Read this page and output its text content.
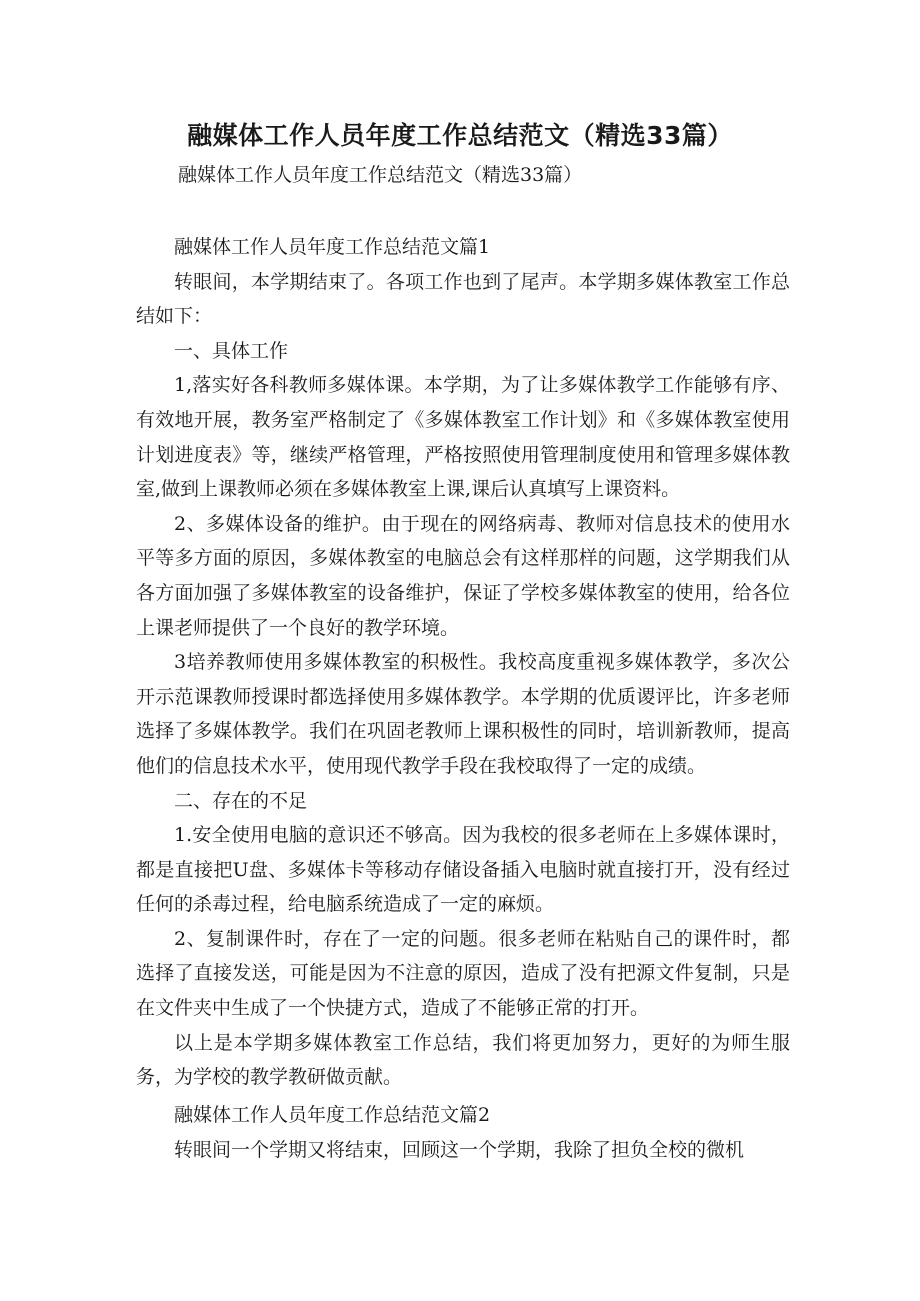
融媒体工作人员年度工作总结范文（精选33篇）

融媒体工作人员年度工作总结范文（精选33篇）

融媒体工作人员年度工作总结范文篇1

转眼间，本学期结束了。各项工作也到了尾声。本学期多媒体教室工作总结如下：

一、具体工作

1,落实好各科教师多媒体课。本学期，为了让多媒体教学工作能够有序、有效地开展，教务室严格制定了《多媒体教室工作计划》和《多媒体教室使用计划进度表》等，继续严格管理，严格按照使用管理制度使用和管理多媒体教室,做到上课教师必须在多媒体教室上课,课后认真填写上课资料。

2、多媒体设备的维护。由于现在的网络病毒、教师对信息技术的使用水平等多方面的原因，多媒体教室的电脑总会有这样那样的问题，这学期我们从各方面加强了多媒体教室的设备维护，保证了学校多媒体教室的使用，给各位上课老师提供了一个良好的教学环境。

3培养教师使用多媒体教室的积极性。我校高度重视多媒体教学，多次公开示范课教师授课时都选择使用多媒体教学。本学期的优质谡评比，许多老师选择了多媒体教学。我们在巩固老教师上课积极性的同时，培训新教师，提高他们的信息技术水平，使用现代教学手段在我校取得了一定的成绩。

二、存在的不足

1.安全使用电脑的意识还不够高。因为我校的很多老师在上多媒体课时，都是直接把U盘、多媒体卡等移动存储设备插入电脑时就直接打开，没有经过任何的杀毒过程，给电脑系统造成了一定的麻烦。

2、复制课件时，存在了一定的问题。很多老师在粘贴自己的课件时，都选择了直接发送，可能是因为不注意的原因，造成了没有把源文件复制，只是在文件夹中生成了一个快捷方式，造成了不能够正常的打开。

以上是本学期多媒体教室工作总结，我们将更加努力，更好的为师生服务，为学校的教学教研做贡献。

融媒体工作人员年度工作总结范文篇2

转眼间一个学期又将结束，回顾这一个学期，我除了担负全校的微机
